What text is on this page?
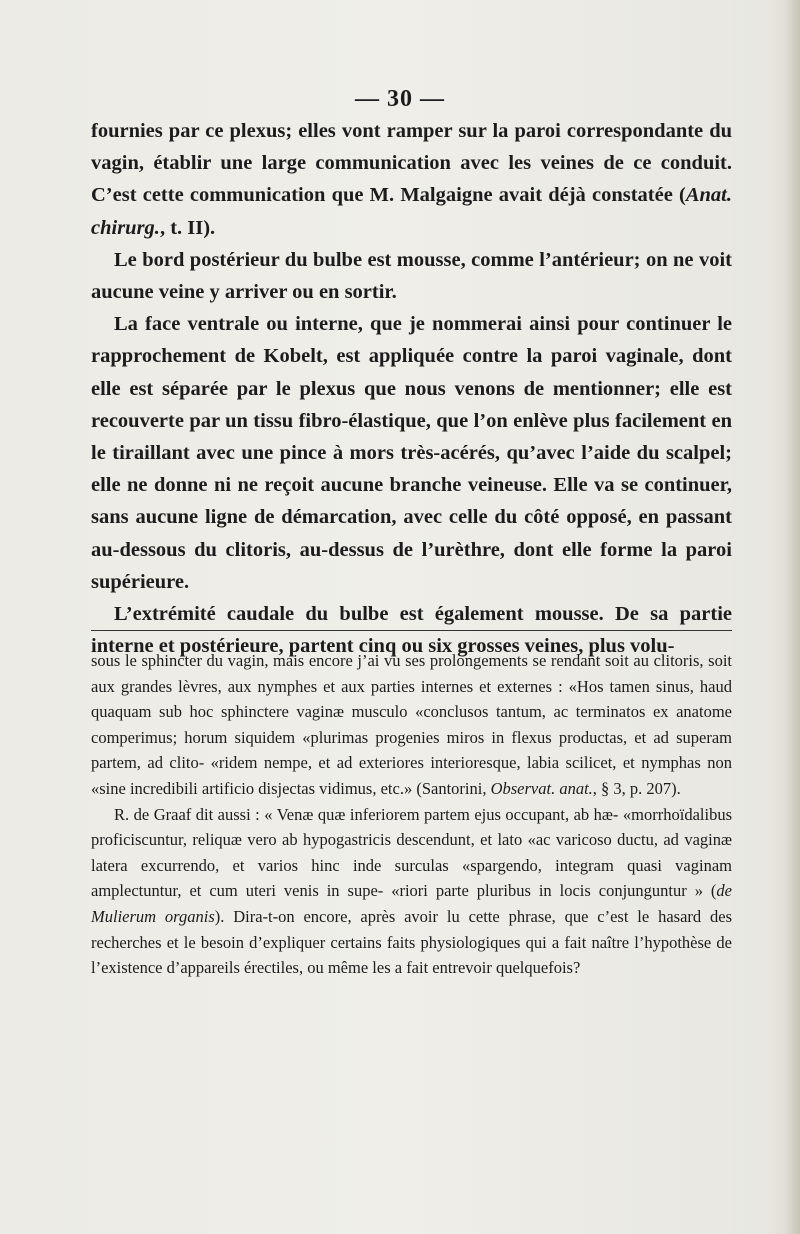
— 30 —

fournies par ce plexus; elles vont ramper sur la paroi correspondante du vagin, établir une large communication avec les veines de ce conduit. C’est cette communication que M. Malgaigne avait déjà constatée (Anat. chirurg., t. II).

Le bord postérieur du bulbe est mousse, comme l’antérieur; on ne voit aucune veine y arriver ou en sortir.

La face ventrale ou interne, que je nommerai ainsi pour continuer le rapprochement de Kobelt, est appliquée contre la paroi vaginale, dont elle est séparée par le plexus que nous venons de mentionner; elle est recouverte par un tissu fibro-élastique, que l’on enlève plus facilement en le tiraillant avec une pince à mors très-acérés, qu’avec l’aide du scalpel; elle ne donne ni ne reçoit aucune branche veineuse. Elle va se continuer, sans aucune ligne de démarcation, avec celle du côté opposé, en passant au-dessous du clitoris, au-dessus de l’urèthre, dont elle forme la paroi supérieure.

L’extrémité caudale du bulbe est également mousse. De sa partie interne et postérieure, partent cinq ou six grosses veines, plus volu-

sous le sphincter du vagin, mais encore j’ai vu ses prolongements se rendant soit au clitoris, soit aux grandes lèvres, aux nymphes et aux parties internes et externes : «Hos tamen sinus, haud quaquam sub hoc sphinctere vaginæ musculo «conclusos tantum, ac terminatos ex anatome comperimus; horum siquidem «plurimas progenies miros in flexus productas, et ad superam partem, ad clito- «ridem nempe, et ad exteriores interioresque, labia scilicet, et nymphas non «sine incredibili artificio disjectas vidimus, etc.» (Santorini, Observat. anat., § 3, p. 207).

R. de Graaf dit aussi : « Venæ quæ inferiorem partem ejus occupant, ab hæ- «morrhoïdalibus proficiscuntur, reliquæ vero ab hypogastricis descendunt, et lato «ac varicoso ductu, ad vaginæ latera excurrendo, et varios hinc inde surculas «spargendo, integram quasi vaginam amplectuntur, et cum uteri venis in supe- «riori parte pluribus in locis conjunguntur » (de Mulierum organis). Dira-t-on encore, après avoir lu cette phrase, que c’est le hasard des recherches et le besoin d’expliquer certains faits physiologiques qui a fait naître l’hypothèse de l’existence d’appareils érectiles, ou même les a fait entrevoir quelquefois?
